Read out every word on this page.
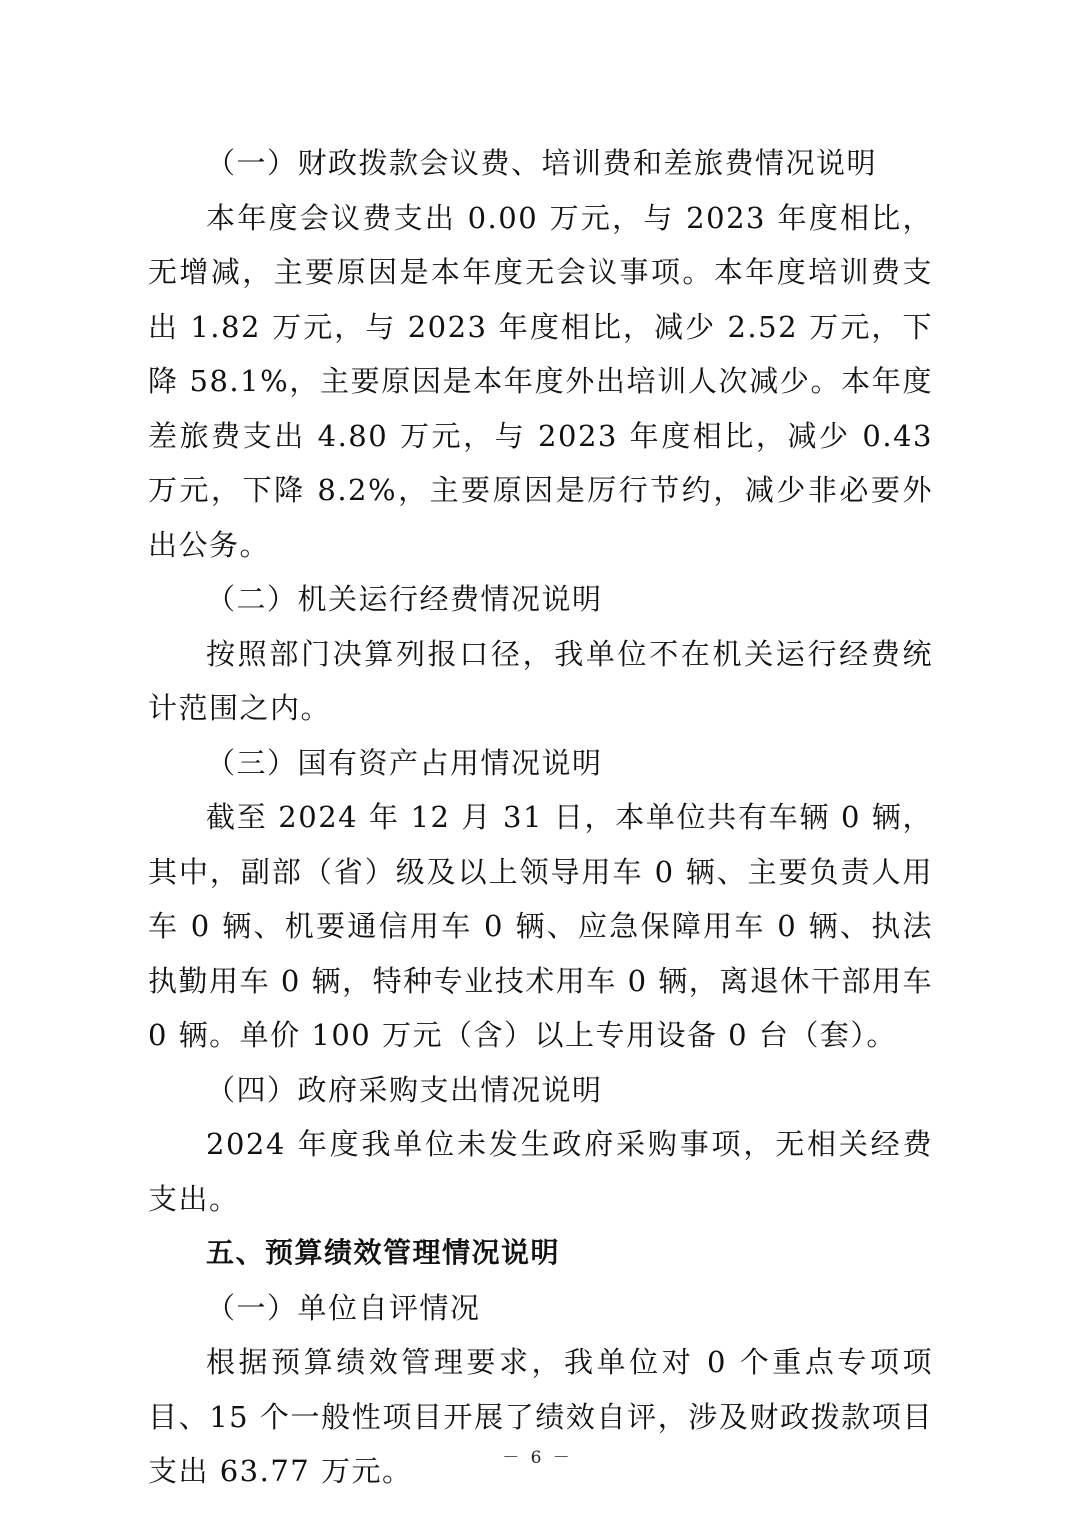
（一）财政拨款会议费、培训费和差旅费情况说明

本年度会议费支出 0.00 万元，与 2023 年度相比，无增减，主要原因是本年度无会议事项。本年度培训费支出 1.82 万元，与 2023 年度相比，减少 2.52 万元，下降 58.1%，主要原因是本年度外出培训人次减少。本年度差旅费支出 4.80 万元，与 2023 年度相比，减少 0.43 万元，下降 8.2%，主要原因是厉行节约，减少非必要外出公务。

（二）机关运行经费情况说明

按照部门决算列报口径，我单位不在机关运行经费统计范围之内。

（三）国有资产占用情况说明

截至 2024 年 12 月 31 日，本单位共有车辆 0 辆，其中，副部（省）级及以上领导用车 0 辆、主要负责人用车 0 辆、机要通信用车 0 辆、应急保障用车 0 辆、执法执勤用车 0 辆，特种专业技术用车 0 辆，离退休干部用车 0 辆。单价 100 万元（含）以上专用设备 0 台（套）。

（四）政府采购支出情况说明

2024 年度我单位未发生政府采购事项，无相关经费支出。

五、预算绩效管理情况说明

（一）单位自评情况

根据预算绩效管理要求，我单位对 0 个重点专项项目、15 个一般性项目开展了绩效自评，涉及财政拨款项目支出 63.77 万元。	－ 6 －
